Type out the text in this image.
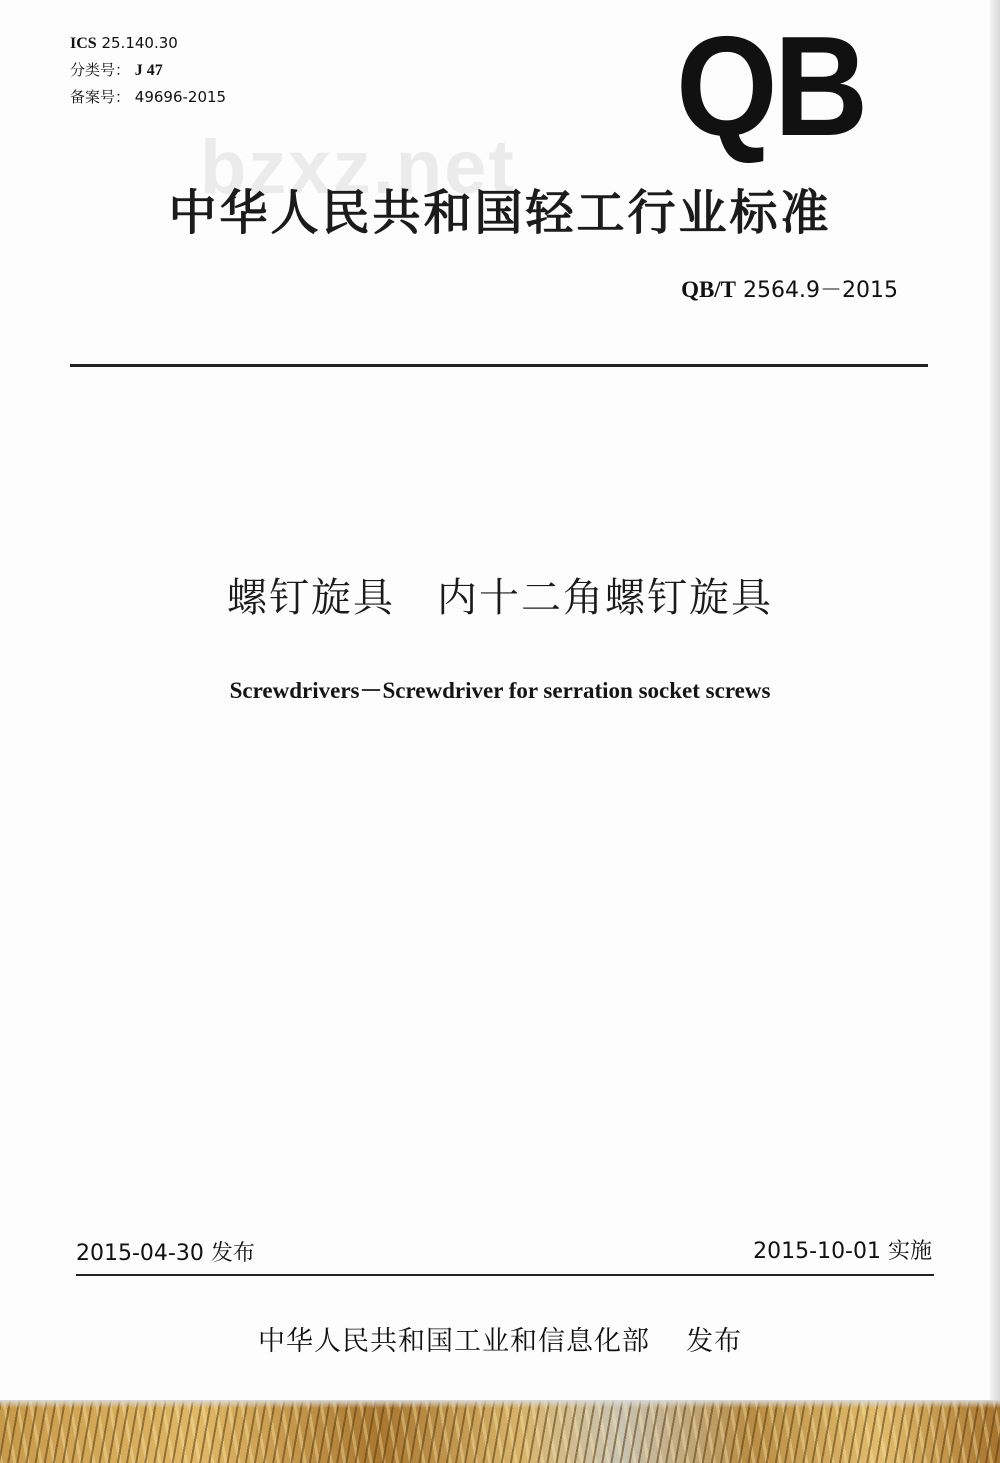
ICS 25.140.30
分类号： J 47
备案号： 49696-2015	QB
bzxz.net
中华人民共和国轻工行业标准
QB/T 2564.9－2015
螺钉旋具　内十二角螺钉旋具
Screwdrivers－Screwdriver for serration socket screws
2015-04-30 发布	2015-10-01 实施
中华人民共和国工业和信息化部 发布
